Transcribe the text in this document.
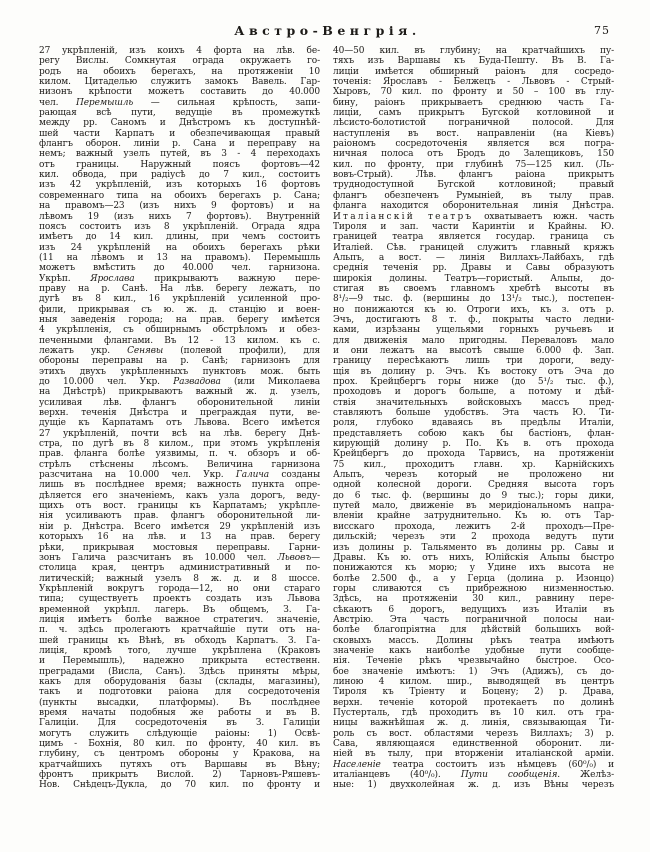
Австро-Венгрія.	75
27 укрѣпленій, изъ коихъ 4 форта на лѣв. бе-
регу Вислы. Сомкнутая ограда окружаетъ го-
родъ на обоихъ берегахъ, на протяженіи 10
килом. Цитаделью служитъ замокъ Вавель. Гар-
низонъ крѣпости можетъ составить до 40.000
чел. Перемышль — сильная крѣпость, запи-
рающая всѣ пути, ведущіе въ промежуткѣ
между рр. Саномъ и Днѣстромъ къ доступнѣй-
шей части Карпатъ и обезпечивающая правый
флангъ оборон. линіи р. Сана и переправу на
немъ; важный узелъ путей, въ 3 - 4 переходахъ
отъ границы. Наружный поясъ фортовъ—42
кил. обвода, при радіусѣ до 7 кил., состоитъ
изъ 42 укрѣпленій, изъ которыхъ 16 фортовъ
современнаго типа на обоихъ берегахъ р. Сана;
на правомъ—23 (изъ нихъ 9 фортовъ) и на
лѣвомъ 19 (изъ нихъ 7 фортовъ). Внутренній
поясъ состоитъ изъ 8 укрѣпленій. Ограда ядра
имѣетъ до 14 кил. длины, при чемъ состоитъ
изъ 24 укрѣпленій на обоихъ берегахъ рѣки
(11 на лѣвомъ и 13 на правомъ). Перемышль
можетъ вмѣстить до 40.000 чел. гарнизона.
Укрѣп. Ярослава прикрываютъ важную пере-
праву на р. Санѣ. На лѣв. берегу лежатъ, по
дугѣ въ 8 кил., 16 укрѣпленій усиленной про-
фили, прикрывая съ ю. ж. д. станцію и воен-
ныя заведенія города; на прав. берегу имѣется
4 укрѣпленія, съ обширнымъ обстрѣломъ и обез-
печенными флангами. Въ 12 - 13 килом. къ с.
лежатъ укр. Сенявы (полевой профили), для
обороны переправы на р. Санѣ; гарнизонъ для
этихъ двухъ укрѣпленныхъ пунктовъ мож. быть
до 10.000 чел. Укр. Развадова (или Миколаева
на Днѣстрѣ) прикрываютъ важный ж. д. узелъ,
усиливая лѣв. флангъ оборонительной линіи
верхн. теченія Днѣстра и преграждая пути, ве-
дущіе къ Карпатамъ отъ Львова. Всего имѣется
27 укрѣпленій, почти всѣ на лѣв. берегу Днѣ-
стра, по дугѣ въ 8 килом., при этомъ укрѣпленія
прав. фланга болѣе уязвимы, п. ч. обзоръ и об-
стрѣлъ стѣснены лѣсомъ. Величина гарнизона
разсчитана на 10.000 чел. Укр. Галича созданы
лишь въ послѣднее время; важность пункта опре-
дѣляется его значеніемъ, какъ узла дорогъ, веду-
щихъ отъ вост. границы къ Карпатамъ; укрѣпле-
нія усиливаютъ прав. флангъ оборонительной ли-
ніи р. Днѣстра. Всего имѣется 29 укрѣпленій изъ
которыхъ 16 на лѣв. и 13 на прав. берегу
рѣки, прикрывая мостовыя переправы. Гарни-
зонъ Галича разсчитанъ въ 10.000 чел. Львовъ—
столица края, центръ административный и по-
литическій; важный узелъ 8 ж. д. и 8 шоссе.
Укрѣпленій вокругъ города—12, но они стараго
типа; существуетъ проектъ создать изъ Львова
временной укрѣпл. лагерь. Въ общемъ, З. Га-
лиція имѣетъ болѣе важное стратегич. значеніе,
п. ч. здѣсь пролегаютъ кратчайшіе пути отъ на-
шей границы къ Вѣнѣ, въ обходъ Карпатъ. З. Га-
лиція, кромѣ того, лучше укрѣплена (Краковъ
и Перемышль), надежно прикрыта естественн.
преградами (Висла, Санъ). Здѣсь приняты мѣры,
какъ для оборудованія базы (склады, магазины),
такъ и подготовки раіона для сосредоточенія
(пункты высадки, платформы). Въ послѣднее
время начаты подобныя же работы и въ В.
Галиціи. Для сосредоточенія въ З. Галиціи
могутъ служить слѣдующіе раіоны: 1) Освѣ-
цимъ - Бохнія, 80 кил. по фронту, 40 кил. въ
глубину, съ центромъ обороны у Кракова, на
кратчайшихъ путяхъ отъ Варшавы въ Вѣну;
фронтъ прикрытъ Вислой. 2) Тарновъ-Ряшевъ-
Нов. Снѣдецъ-Дукла, до 70 кил. по фронту и
40—50 кил. въ глубину; на кратчайшихъ пу-
тяхъ изъ Варшавы къ Буда-Пешту. Въ В. Га-
лиціи имѣется обширный раіонъ для сосредо-
точенія: Ярославъ - Белжецъ - Львовъ - Стрый-
Хыровъ, 70 кил. по фронту и 50 – 100 въ глу-
бину, раіонъ прикрываетъ среднюю часть Га-
лиціи, самъ прикрытъ Бугской котловиной и
лѣсисто-болотистой пограничной полосой. Для
наступленія въ вост. направленіи (на Кіевъ)
раіономъ сосредоточенія является вся погра-
ничная полоса отъ Бродъ до Залещиковъ, 150
кил. по фронту, при глубинѣ 75—125 кил. (Ль-
вовъ-Стрый). Лѣв. флангъ раіона прикрытъ
труднодоступной Бугской котловиной; правый
флангъ обезпеченъ Румыніей, въ тылу прав.
фланга находится оборонительная линія Днѣстра.
Италіанскій театръ охватываетъ южн. часть
Тироля и зап. части Каринтіи и Крайны. Ю.
границей театра является государ. граница съ
Италіей. Сѣв. границей служитъ главный кряжъ
Альпъ, а вост. — линія Виллахъ-Лайбахъ, гдѣ
среднія теченія рр. Дравы и Савы образуютъ
широкія долины. Театръ—гористый. Альпы, до-
стигая въ своемъ главномъ хребтѣ высоты въ
8¹/₂—9 тыс. ф. (вершины до 13¹/₂ тыс.), постепен-
но понижаются къ ю. Отроги ихъ, къ з. отъ р.
Эчъ, достигаютъ 8 т. ф., покрыты часто ледни-
ками, изрѣзаны ущельями горныхъ ручьевъ и
для движенія мало пригодны. Переваловъ мало
и они лежатъ на высотѣ свыше 6.000 ф. Зап.
границу пересѣкаютъ лишь три дороги, веду-
щія въ долину р. Эчъ. Къ востоку отъ Эча до
прох. Крейцбергъ горы ниже (до 5¹/₂ тыс. ф.),
проходовъ и дорогъ больше, а потому и дѣй-
ствія значительныхъ войсковыхъ массъ пред-
ставляютъ больше удобствъ. Эта часть Ю. Ти-
роля, глубоко вдаваясь въ предѣлы Италіи,
представляетъ собою какъ бы бастіонъ, флан-
кирующій долину р. По. Къ в. отъ прохода
Крейцбергъ до прохода Тарвисъ, на протяженіи
75 кил., проходитъ главн. хр. Карнійскихъ
Альпъ, черезъ который не проложено ни
одной колесной дороги. Средняя высота горъ
до 6 тыс. ф. (вершины до 9 тыс.); горы дики,
путей мало, движеніе въ меридіональномъ напра-
вленіи крайне затруднительно. Къ ю. отъ Тар-
висскаго прохода, лежитъ 2-й проходъ—Пре-
дильскій; черезъ эти 2 прохода ведутъ пути
изъ долины р. Тальяменто въ долины рр. Савы и
Дравы. Къ ю. отъ нихъ, Юлійскія Альпы быстро
понижаются къ морю; у Удине ихъ высота не
болѣе 2.500 ф., а у Герца (долина р. Изонцо)
горы сливаются съ прибрежною низменностью.
Здѣсь, на протяженіи 30 кил., равнину пере-
сѣкаютъ 6 дорогъ, ведущихъ изъ Италіи въ
Австрію. Эта часть пограничной полосы наи-
болѣе благопріятна для дѣйствій большихъ вой-
сковыхъ массъ. Долины рѣкъ театра имѣютъ
значеніе какъ наиболѣе удобные пути сообще-
нія. Теченіе рѣкъ чрезвычайно быстрое. Осо-
бое значеніе имѣютъ: 1) Эчъ (Адижъ), съ до-
линою 4 килом. шир., выводящей въ центръ
Тироля къ Тріенту и Боцену; 2) р. Драва,
верхн. теченіе которой протекаетъ по долинѣ
Пустерталь, гдѣ проходитъ въ 10 кил. отъ гра-
ницы важнѣйшая ж. д. линія, связывающая Ти-
роль съ вост. областями черезъ Виллахъ; 3) р.
Сава, являющаяся единственной оборонит. ли-
ніей въ тылу, при вторженіи италіанской арміи.
Населеніе театра состоитъ изъ нѣмцевъ (60⁰/₀) и
италіанцевъ (40⁰/₀). Пути сообщенія. Желѣз-
ные: 1) двухколейная ж. д. изъ Вѣны черезъ
